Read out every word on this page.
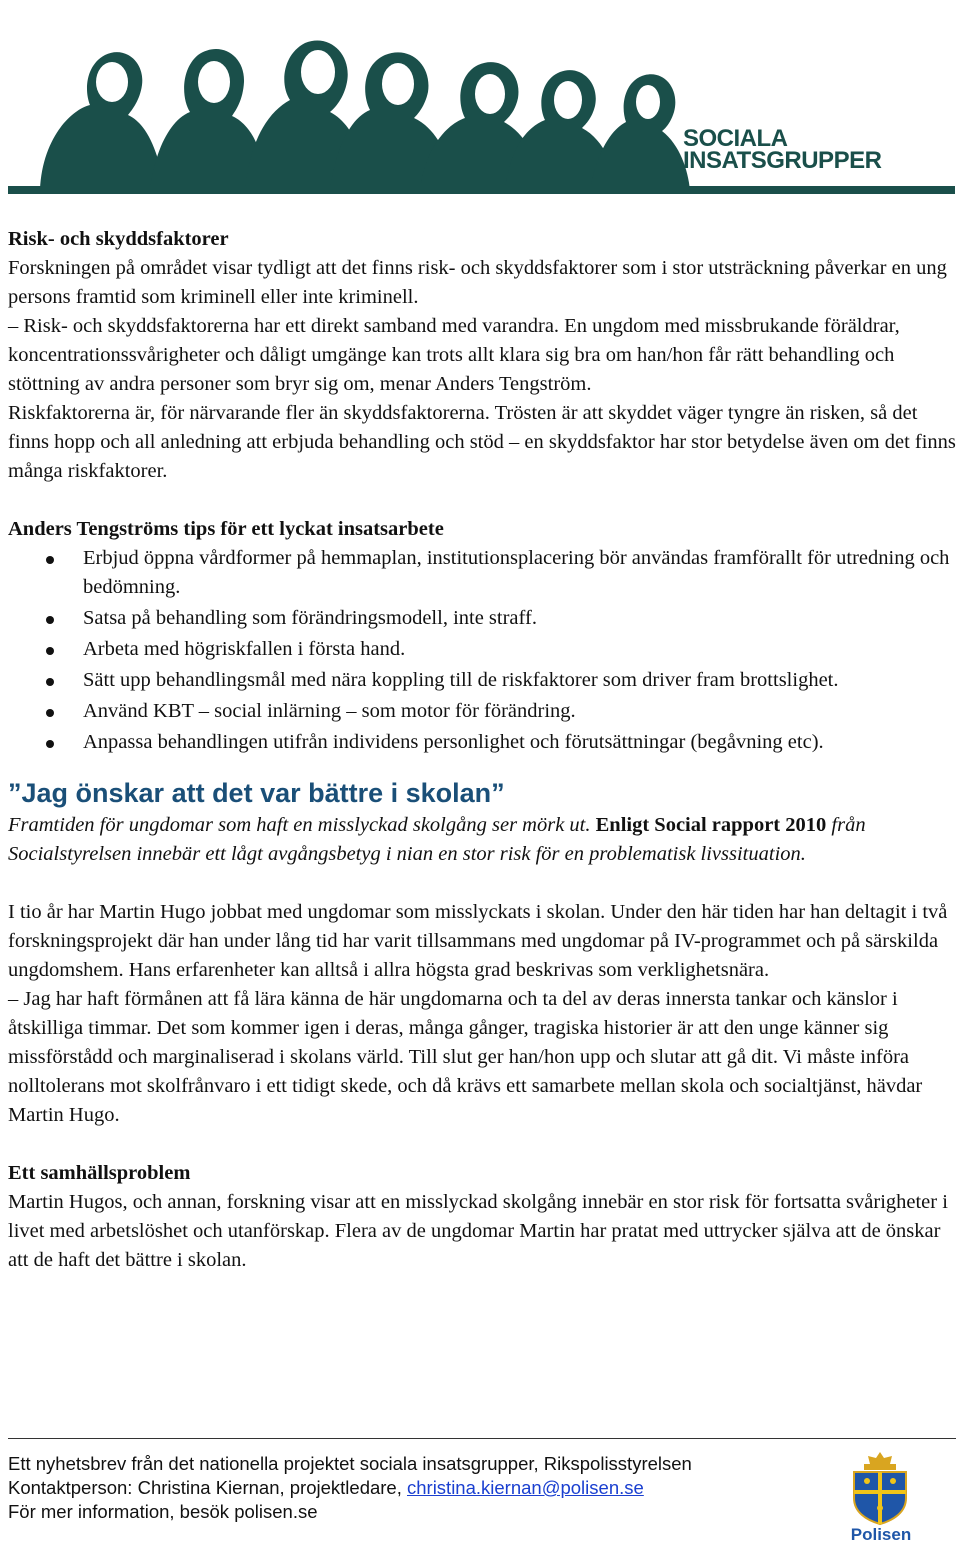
SOCIALA
INSATSGRUPPER
Risk- och skyddsfaktorer

Forskningen på området visar tydligt att det finns risk- och skyddsfaktorer som i stor utsträckning påverkar en ung persons framtid som kriminell eller inte kriminell.

– Risk- och skyddsfaktorerna har ett direkt samband med varandra. En ungdom med missbrukande föräldrar, koncentrationssvårigheter och dåligt umgänge kan trots allt klara sig bra om han/hon får rätt behandling och stöttning av andra personer som bryr sig om, menar Anders Tengström.

Riskfaktorerna är, för närvarande fler än skyddsfaktorerna. Trösten är att skyddet väger tyngre än risken, så det finns hopp och all anledning att erbjuda behandling och stöd – en skyddsfaktor har stor betydelse även om det finns många riskfaktorer.

Anders Tengströms tips för ett lyckat insatsarbete
Erbjud öppna vårdformer på hemmaplan, institutionsplacering bör användas framförallt för utredning och bedömning.
Satsa på behandling som förändringsmodell, inte straff.
Arbeta med högriskfallen i första hand.
Sätt upp behandlingsmål med nära koppling till de riskfaktorer som driver fram brottslighet.
Använd KBT – social inlärning – som motor för förändring.
Anpassa behandlingen utifrån individens personlighet och förutsättningar (begåvning etc).
”Jag önskar att det var bättre i skolan”

Framtiden för ungdomar som haft en misslyckad skolgång ser mörk ut. Enligt Social rapport 2010 från Socialstyrelsen innebär ett lågt avgångsbetyg i nian en stor risk för en problematisk livssituation.

I tio år har Martin Hugo jobbat med ungdomar som misslyckats i skolan. Under den här tiden har han deltagit i två forskningsprojekt där han under lång tid har varit tillsammans med ungdomar på IV-programmet och på särskilda ungdomshem. Hans erfarenheter kan alltså i allra högsta grad beskrivas som verklighetsnära.

– Jag har haft förmånen att få lära känna de här ungdomarna och ta del av deras innersta tankar och känslor i åtskilliga timmar. Det som kommer igen i deras, många gånger, tragiska historier är att den unge känner sig missförstådd och marginaliserad i skolans värld. Till slut ger han/hon upp och slutar att gå dit. Vi måste införa nolltolerans mot skolfrånvaro i ett tidigt skede, och då krävs ett samarbete mellan skola och socialtjänst, hävdar Martin Hugo.

Ett samhällsproblem

Martin Hugos, och annan, forskning visar att en misslyckad skolgång innebär en stor risk för fortsatta svårigheter i livet med arbetslöshet och utanförskap. Flera av de ungdomar Martin har pratat med uttrycker själva att de önskar att de haft det bättre i skolan.

Ett nyhetsbrev från det nationella projektet sociala insatsgrupper, Rikspolisstyrelsen
Kontaktperson: Christina Kiernan, projektledare, christina.kiernan@polisen.se
För mer information, besök polisen.se
Polisen
